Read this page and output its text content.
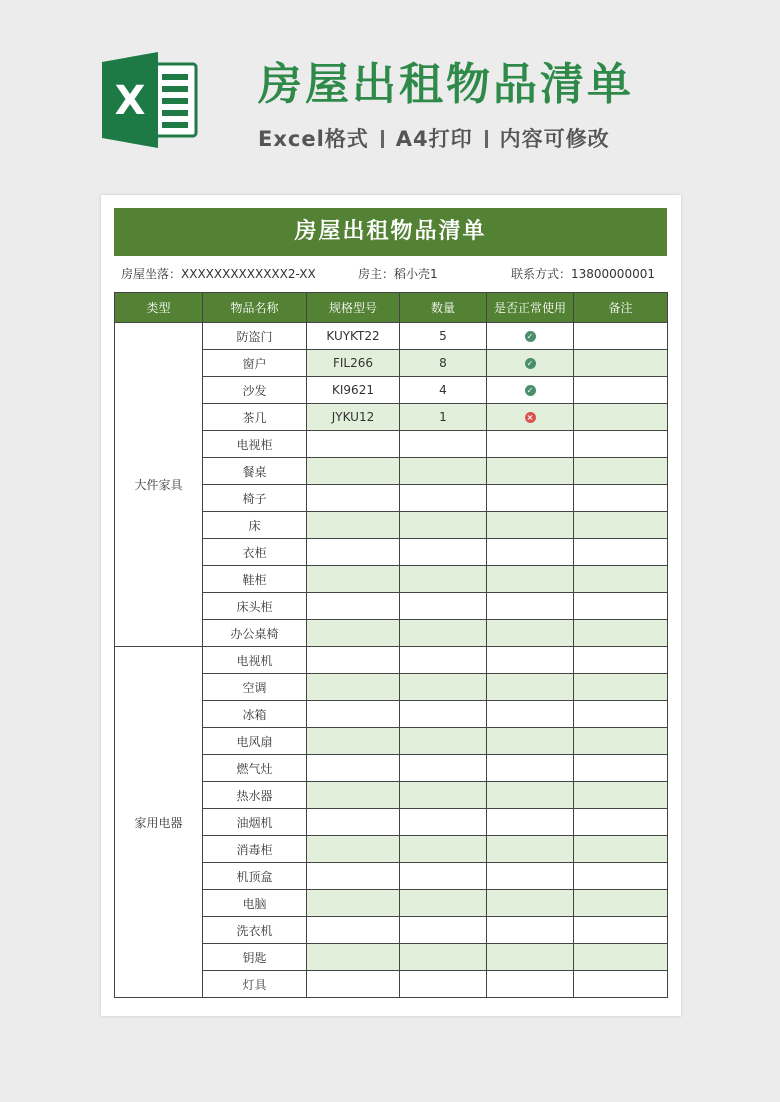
X	房屋出租物品清单
Excel格式 A4打印 内容可修改
房屋出租物品清单
房屋坐落：XXXXXXXXXXXXX2-XX	房主：稻小壳1	联系方式：13800000001
类型	物品名称	规格型号	数量	是否正常使用	备注
大件家具	防盗门	KUYKT22	5	✓	
	窗户	FIL266	8	✓	
	沙发	KI9621	4	✓	
	茶几	JYKU12	1	×	
	电视柜				
	餐桌				
	椅子				
	床				
	衣柜				
	鞋柜				
	床头柜				
	办公桌椅				
家用电器	电视机				
	空调				
	冰箱				
	电风扇				
	燃气灶				
	热水器				
	油烟机				
	消毒柜				
	机顶盒				
	电脑				
	洗衣机				
	钥匙				
	灯具				
